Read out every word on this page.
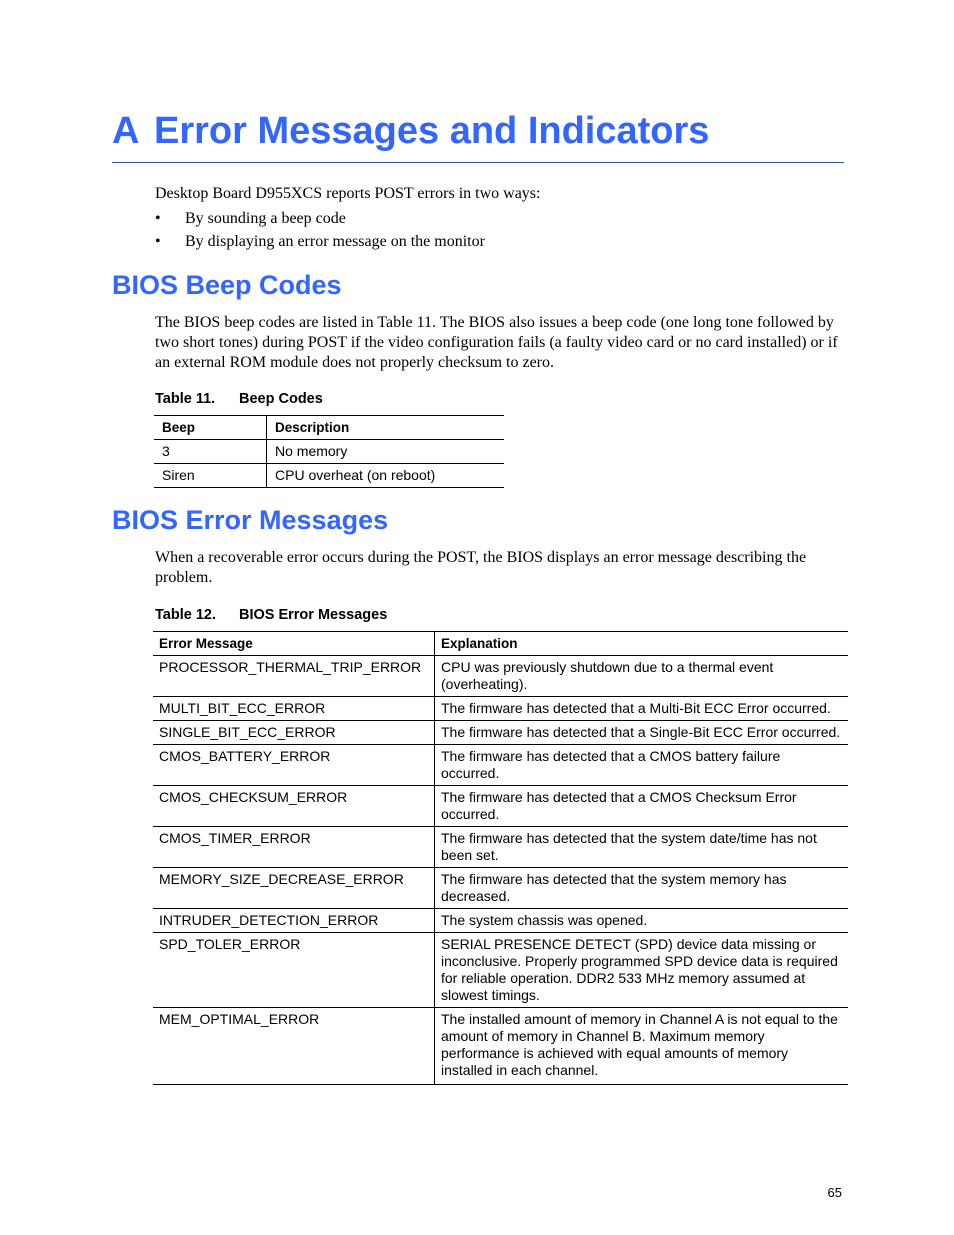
A Error Messages and Indicators
Desktop Board D955XCS reports POST errors in two ways:
• By sounding a beep code
• By displaying an error message on the monitor
BIOS Beep Codes
The BIOS beep codes are listed in Table 11. The BIOS also issues a beep code (one long tone followed by two short tones) during POST if the video configuration fails (a faulty video card or no card installed) or if an external ROM module does not properly checksum to zero.
Table 11. Beep Codes
Beep	Description
3	No memory
Siren	CPU overheat (on reboot)
BIOS Error Messages
When a recoverable error occurs during the POST, the BIOS displays an error message describing the problem.
Table 12. BIOS Error Messages
Error Message	Explanation
PROCESSOR_THERMAL_TRIP_ERROR	CPU was previously shutdown due to a thermal event (overheating).
MULTI_BIT_ECC_ERROR	The firmware has detected that a Multi-Bit ECC Error occurred.
SINGLE_BIT_ECC_ERROR	The firmware has detected that a Single-Bit ECC Error occurred.
CMOS_BATTERY_ERROR	The firmware has detected that a CMOS battery failure occurred.
CMOS_CHECKSUM_ERROR	The firmware has detected that a CMOS Checksum Error occurred.
CMOS_TIMER_ERROR	The firmware has detected that the system date/time has not been set.
MEMORY_SIZE_DECREASE_ERROR	The firmware has detected that the system memory has decreased.
INTRUDER_DETECTION_ERROR	The system chassis was opened.
SPD_TOLER_ERROR	SERIAL PRESENCE DETECT (SPD) device data missing or inconclusive. Properly programmed SPD device data is required for reliable operation. DDR2 533 MHz memory assumed at slowest timings.
MEM_OPTIMAL_ERROR	The installed amount of memory in Channel A is not equal to the amount of memory in Channel B. Maximum memory performance is achieved with equal amounts of memory installed in each channel.
65
